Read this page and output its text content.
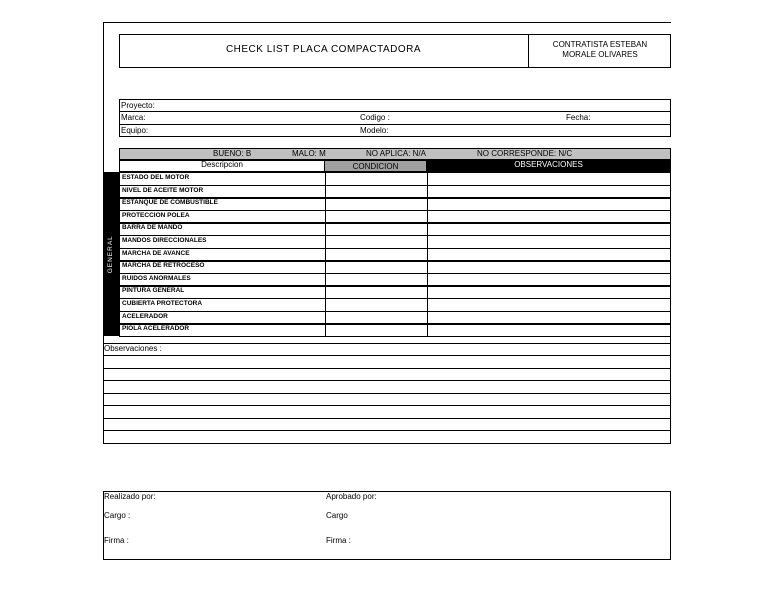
CHECK LIST PLACA COMPACTADORA	CONTRATISTA ESTEBAN
MORALE OLIVARES
Proyecto:
Marca:	Codigo :	Fecha:
Equipo:	Modelo:
BUENO: B	MALO: M	NO APLICA: N/A	NO CORRESPONDE: N/C
Descripcion	CONDICION	OBSERVACIONES
GENERAL
ESTADO DEL MOTOR
NIVEL DE ACEITE MOTOR
ESTANQUE DE COMBUSTIBLE
PROTECCION POLEA
BARRA DE MANDO
MANDOS DIRECCIONALES
MARCHA DE AVANCE
MARCHA DE RETROCESO
RUIDOS ANORMALES
PINTURA GENERAL
CUBIERTA PROTECTORA
ACELERADOR
PIOLA ACELERADOR
Observaciones :
Realizado por:	Aprobado por:
Cargo :	Cargo
Firma :	Firma :
